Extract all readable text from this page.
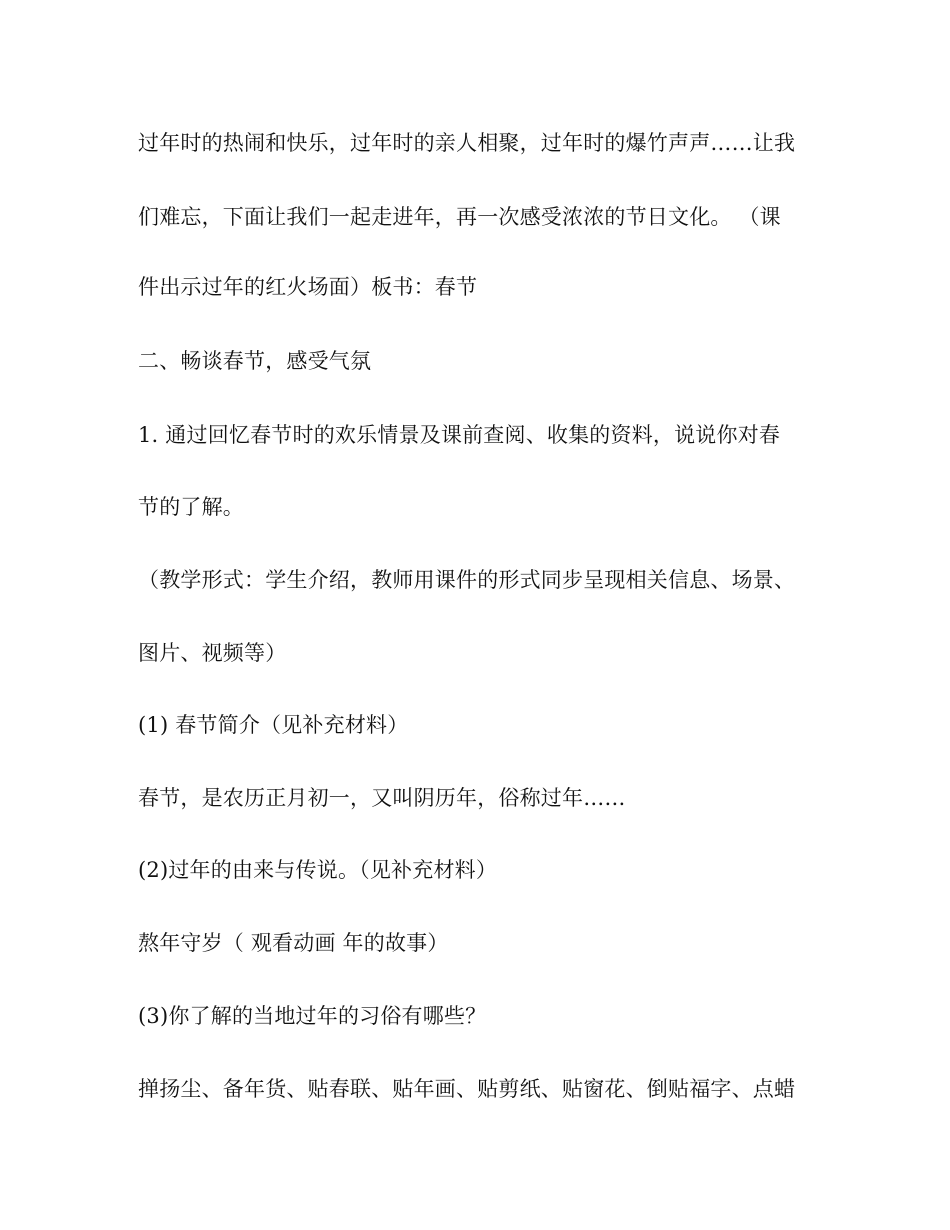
过年时的热闹和快乐，过年时的亲人相聚，过年时的爆竹声声……让我

们难忘，下面让我们一起走进年，再一次感受浓浓的节日文化。 （课

件出示过年的红火场面）板书：春节

二、畅谈春节，感受气氛

1. 通过回忆春节时的欢乐情景及课前查阅、收集的资料，说说你对春

节的了解。

（教学形式：学生介绍，教师用课件的形式同步呈现相关信息、场景、

图片、视频等）

(1) 春节简介（见补充材料）

春节，是农历正月初一，又叫阴历年，俗称过年……

(2)过年的由来与传说。（见补充材料）

熬年守岁（ 观看动画 年的故事）

(3)你了解的当地过年的习俗有哪些？

掸扬尘、备年货、贴春联、贴年画、贴剪纸、贴窗花、倒贴福字、点蜡
